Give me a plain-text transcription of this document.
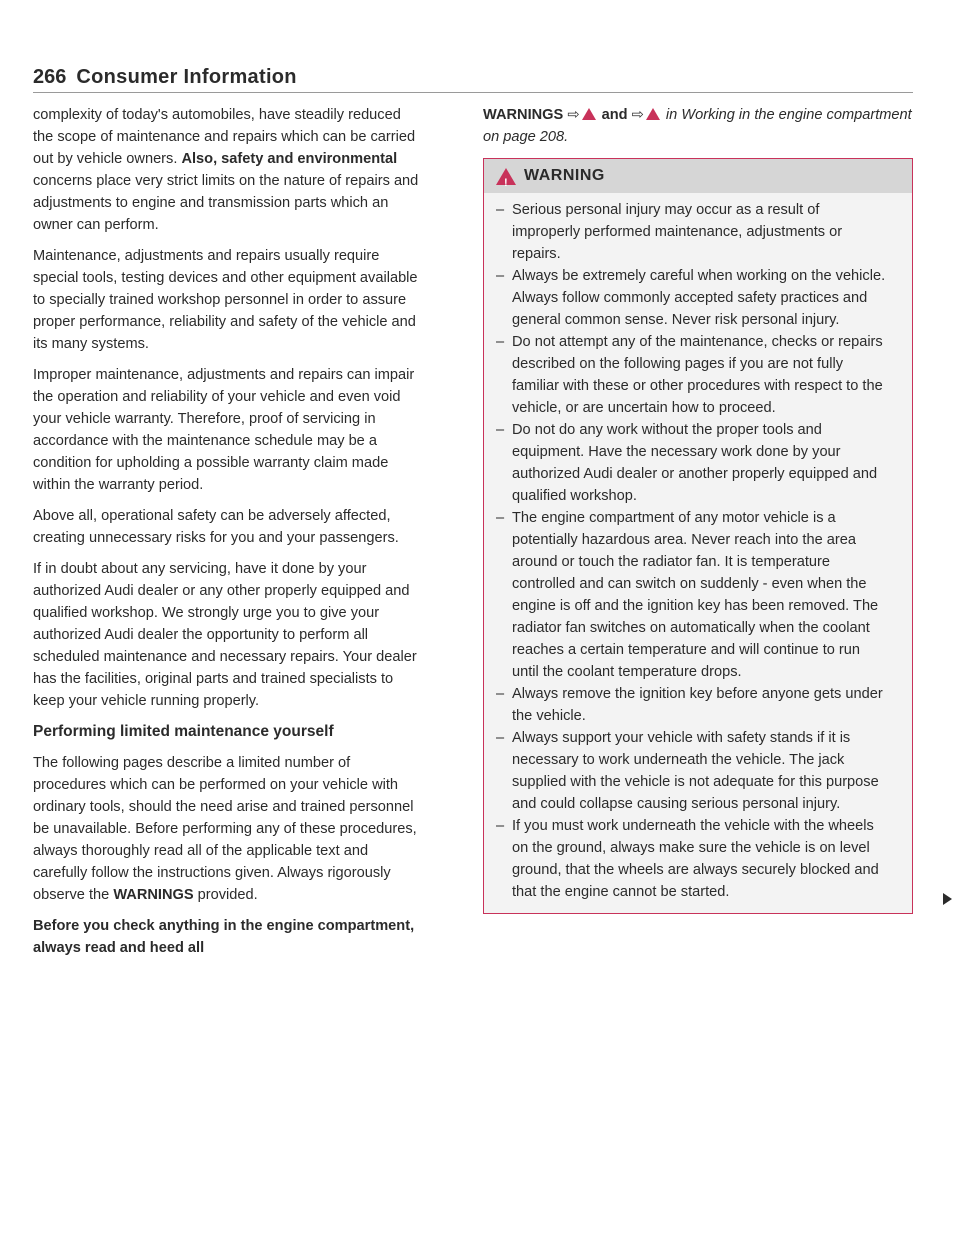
266 Consumer Information

complexity of today's automobiles, have steadily reduced the scope of maintenance and repairs which can be carried out by vehicle owners. Also, safety and environmental concerns place very strict limits on the nature of repairs and adjustments to engine and transmission parts which an owner can perform.

Maintenance, adjustments and repairs usually require special tools, testing devices and other equipment available to specially trained workshop personnel in order to assure proper performance, reliability and safety of the vehicle and its many systems.

Improper maintenance, adjustments and repairs can impair the operation and reliability of your vehicle and even void your vehicle warranty. Therefore, proof of servicing in accordance with the maintenance schedule may be a condition for upholding a possible warranty claim made within the warranty period.

Above all, operational safety can be adversely affected, creating unnecessary risks for you and your passengers.

If in doubt about any servicing, have it done by your authorized Audi dealer or any other properly equipped and qualified workshop. We strongly urge you to give your authorized Audi dealer the opportunity to perform all scheduled maintenance and necessary repairs. Your dealer has the facilities, original parts and trained specialists to keep your vehicle running properly.

Performing limited maintenance yourself

The following pages describe a limited number of procedures which can be performed on your vehicle with ordinary tools, should the need arise and trained personnel be unavailable. Before performing any of these procedures, always thoroughly read all of the applicable text and carefully follow the instructions given. Always rigorously observe the WARNINGS provided.

Before you check anything in the engine compartment, always read and heed all

WARNINGS ⇨ and ⇨ in Working in the engine compartment on page 208.

!
WARNING
– Serious personal injury may occur as a result of improperly performed maintenance, adjustments or repairs.
– Always be extremely careful when working on the vehicle. Always follow commonly accepted safety practices and general common sense. Never risk personal injury.
– Do not attempt any of the maintenance, checks or repairs described on the following pages if you are not fully familiar with these or other procedures with respect to the vehicle, or are uncertain how to proceed.
– Do not do any work without the proper tools and equipment. Have the necessary work done by your authorized Audi dealer or another properly equipped and qualified workshop.
– The engine compartment of any motor vehicle is a potentially hazardous area. Never reach into the area around or touch the radiator fan. It is temperature controlled and can switch on suddenly - even when the engine is off and the ignition key has been removed. The radiator fan switches on automatically when the coolant reaches a certain temperature and will continue to run until the coolant temperature drops.
– Always remove the ignition key before anyone gets under the vehicle.
– Always support your vehicle with safety stands if it is necessary to work underneath the vehicle. The jack supplied with the vehicle is not adequate for this purpose and could collapse causing serious personal injury.
– If you must work underneath the vehicle with the wheels on the ground, always make sure the vehicle is on level ground, that the wheels are always securely blocked and that the engine cannot be started.
